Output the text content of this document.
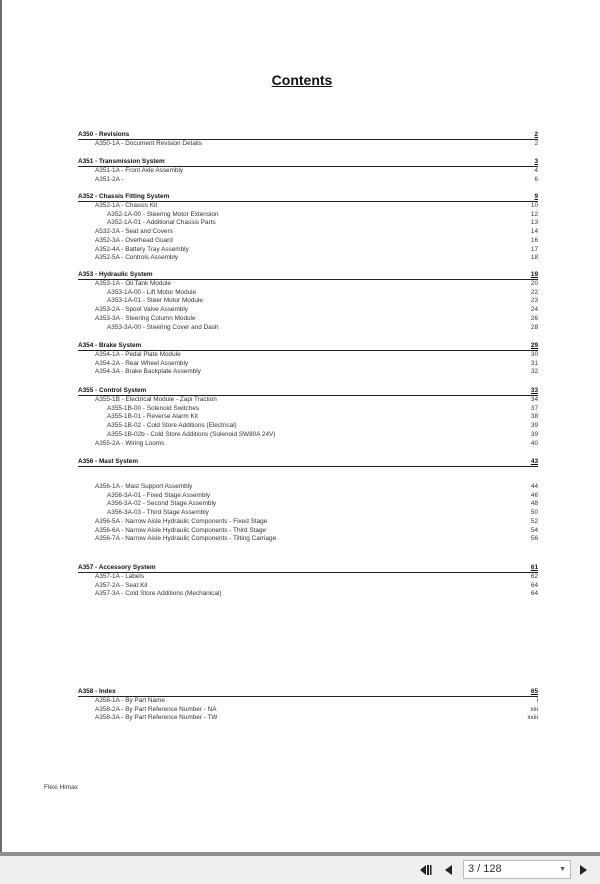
Contents
A350 - Revisions	2
A350-1A - Document Revision Details	2
A351 - Transmission System	3
A351-1A - Front Axle Assembly	4
A351-2A -	6
A352 - Chassis Fitting System	9
A352-1A - Chassis Kit	10
A352-1A-00 - Steering Motor Extension	12
A352-1A-01 - Additional Chassis Parts	13
A532-2A - Seat and Covers	14
A352-3A - Overhead Guard	16
A352-4A - Battery Tray Assembly	17
A352-5A - Controls Assembly	18
A353 - Hydraulic System	19
A353-1A - Oil Tank Module	20
A353-1A-00 - Lift Motor Module	22
A353-1A-01 - Steer Motor Module	23
A353-2A - Spool Valve Assembly	24
A353-3A - Steering Column Module	26
A353-3A-00 - Steering Cover and Dash	28
A354 - Brake System	29
A354-1A - Pedal Plate Module	30
A354-2A - Rear Wheel Assembly	31
A354-3A - Brake Backplate Assembly	32
A355 - Control System	33
A355-1B - Electrical Module - Zapi Traction	34
A355-1B-00 - Solenoid Switches	37
A355-1B-01 - Reverse Alarm Kit	38
A355-1B-02 - Cold Store Additions (Electrical)	39
A355-1B-02b - Cold Store Additions (Solenoid SW80A 24V)	39
A355-2A - Wiring Looms	40
A356 - Mast System	43
A356-1A - Mast Support Assembly	44
A356-3A-01 - Fixed Stage Assembly	46
A356-3A-02 - Second Stage Assembly	48
A356-3A-03 - Third Stage Assembly	50
A356-5A - Narrow Aisle Hydraulic Components - Fixed Stage	52
A356-6A - Narrow Aisle Hydraulic Components - Third Stage	54
A356-7A - Narrow Aisle Hydraulic Components - Tilting Carriage	56
A357 - Accessory System	61
A357-1A - Labels	62
A357-2A - Seat Kit	64
A357-3A - Cold Store Additions (Mechanical)	64
A358 - Index	65
A358-1A - By Part Name	i
A358-2A - By Part Reference Number - NA	xiii
A358-3A - By Part Reference Number - TW	xxiii
Flexi Himax
3 / 128	▼
